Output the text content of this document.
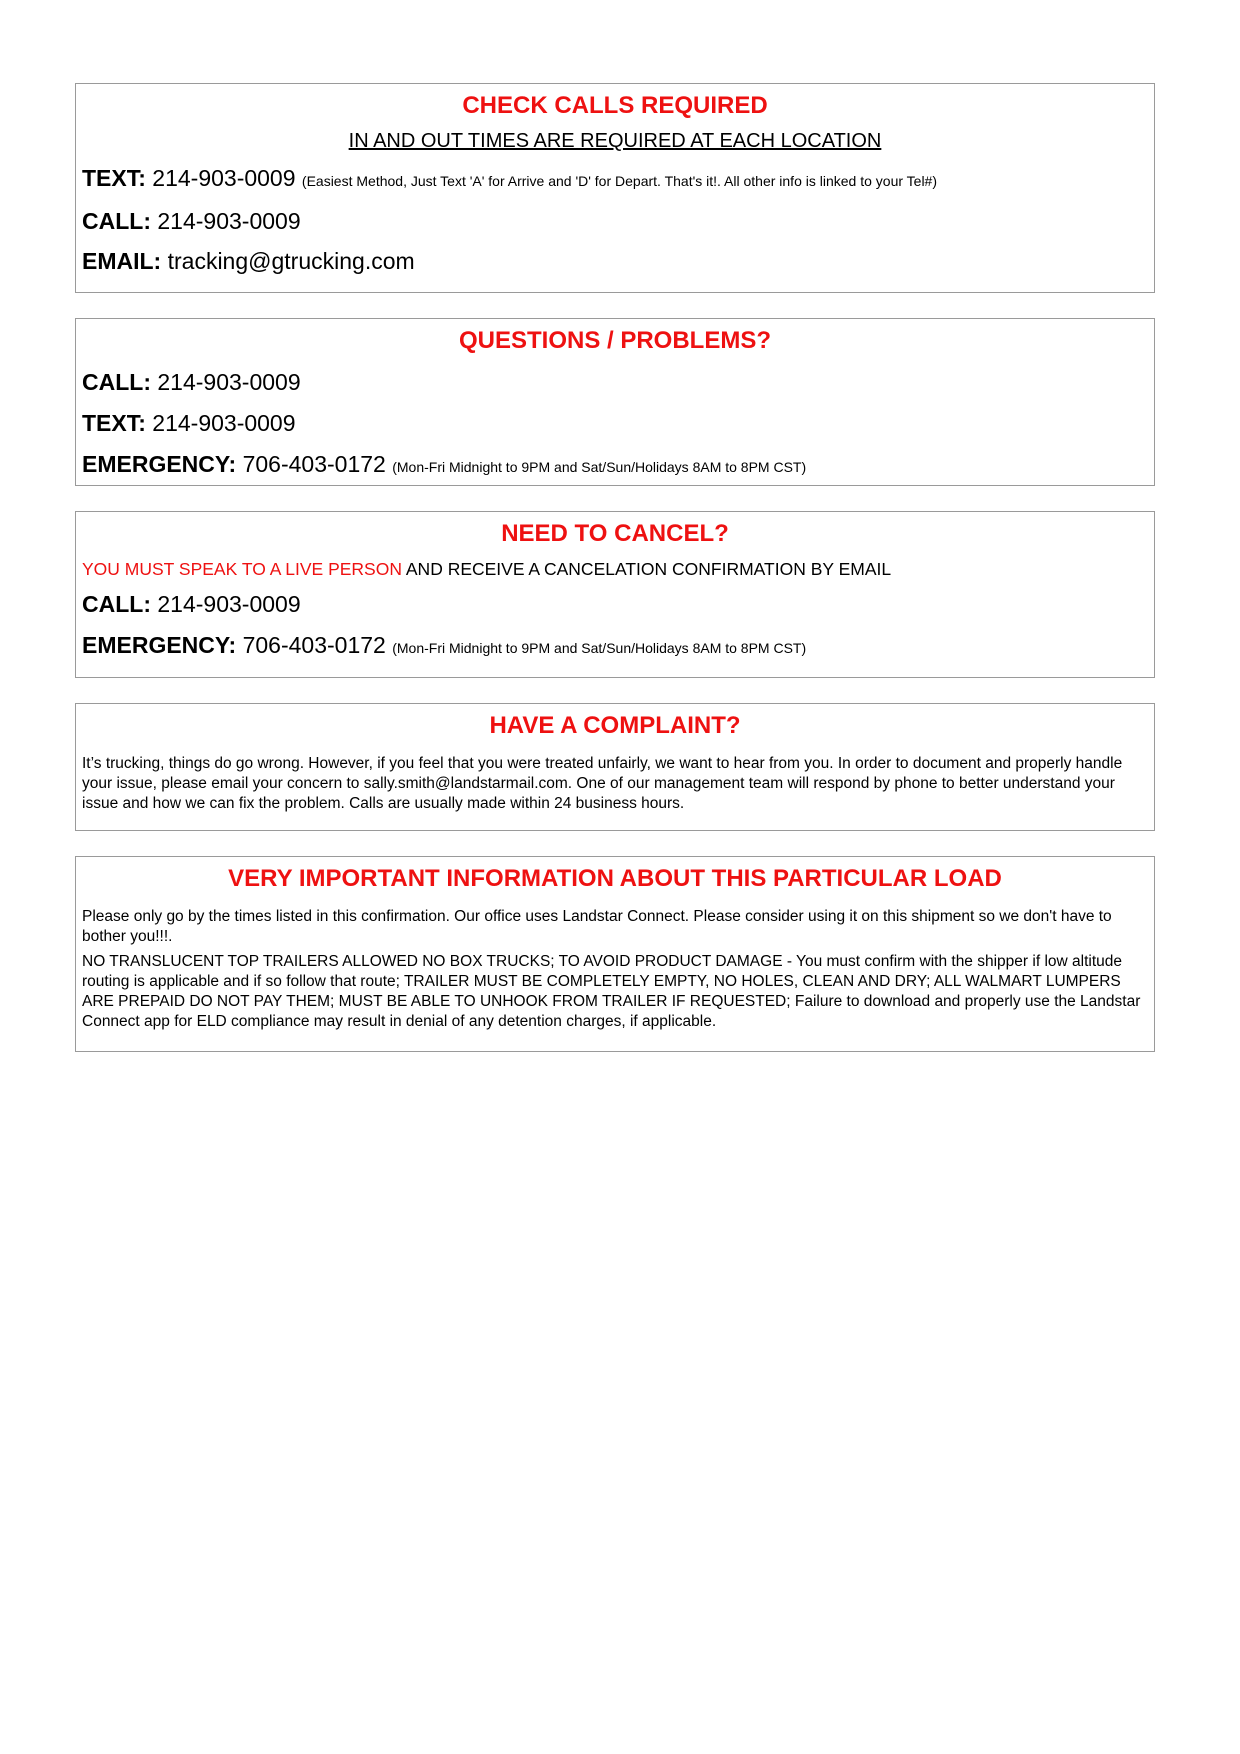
CHECK CALLS REQUIRED
IN AND OUT TIMES ARE REQUIRED AT EACH LOCATION
TEXT: 214-903-0009 (Easiest Method, Just Text 'A' for Arrive and 'D' for Depart. That's it!. All other info is linked to your Tel#)
CALL: 214-903-0009
EMAIL: tracking@gtrucking.com
QUESTIONS / PROBLEMS?
CALL: 214-903-0009
TEXT: 214-903-0009
EMERGENCY: 706-403-0172 (Mon-Fri Midnight to 9PM and Sat/Sun/Holidays 8AM to 8PM CST)
NEED TO CANCEL?
YOU MUST SPEAK TO A LIVE PERSON AND RECEIVE A CANCELATION CONFIRMATION BY EMAIL
CALL: 214-903-0009
EMERGENCY: 706-403-0172 (Mon-Fri Midnight to 9PM and Sat/Sun/Holidays 8AM to 8PM CST)
HAVE A COMPLAINT?
It’s trucking, things do go wrong. However, if you feel that you were treated unfairly, we want to hear from you. In order to document and properly handle your issue, please email your concern to sally.smith@landstarmail.com. One of our management team will respond by phone to better understand your issue and how we can fix the problem. Calls are usually made within 24 business hours.
VERY IMPORTANT INFORMATION ABOUT THIS PARTICULAR LOAD
Please only go by the times listed in this confirmation. Our office uses Landstar Connect. Please consider using it on this shipment so we don't have to bother you!!!.
NO TRANSLUCENT TOP TRAILERS ALLOWED NO BOX TRUCKS; TO AVOID PRODUCT DAMAGE - You must confirm with the shipper if low altitude routing is applicable and if so follow that route; TRAILER MUST BE COMPLETELY EMPTY, NO HOLES, CLEAN AND DRY; ALL WALMART LUMPERS ARE PREPAID DO NOT PAY THEM; MUST BE ABLE TO UNHOOK FROM TRAILER IF REQUESTED; Failure to download and properly use the Landstar Connect app for ELD compliance may result in denial of any detention charges, if applicable.
